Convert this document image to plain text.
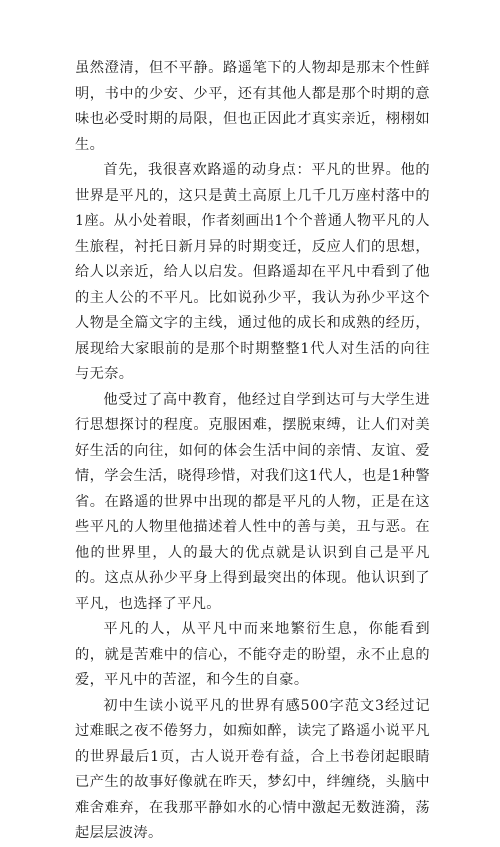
虽然澄清，但不平静。路遥笔下的人物却是那末个性鲜明，书中的少安、少平，还有其他人都是那个时期的意味也必受时期的局限，但也正因此才真实亲近，栩栩如生。

首先，我很喜欢路遥的动身点：平凡的世界。他的世界是平凡的，这只是黄土高原上几千几万座村落中的1座。从小处着眼，作者刻画出1个个普通人物平凡的人生旅程，衬托日新月异的时期变迁，反应人们的思想，给人以亲近，给人以启发。但路遥却在平凡中看到了他的主人公的不平凡。比如说孙少平，我认为孙少平这个人物是全篇文字的主线，通过他的成长和成熟的经历，展现给大家眼前的是那个时期整整1代人对生活的向往与无奈。

他受过了高中教育，他经过自学到达可与大学生进行思想探讨的程度。克服困难，摆脱束缚，让人们对美好生活的向往，如何的体会生活中间的亲情、友谊、爱情，学会生活，晓得珍惜，对我们这1代人，也是1种警省。在路遥的世界中出现的都是平凡的人物，正是在这些平凡的人物里他描述着人性中的善与美，丑与恶。在他的世界里，人的最大的优点就是认识到自己是平凡的。这点从孙少平身上得到最突出的体现。他认识到了平凡，也选择了平凡。

平凡的人，从平凡中而来地繁衍生息，你能看到的，就是苦难中的信心，不能夺走的盼望，永不止息的爱，平凡中的苦涩，和今生的自豪。

初中生读小说平凡的世界有感500字范文3经过记过难眠之夜不倦努力，如痴如醉，读完了路遥小说平凡的世界最后1页，古人说开卷有益，合上书卷闭起眼睛已产生的故事好像就在昨天，梦幻中，绊缠绕，头脑中难舍难弃，在我那平静如水的心情中激起无数涟漪，荡起层层波涛。
